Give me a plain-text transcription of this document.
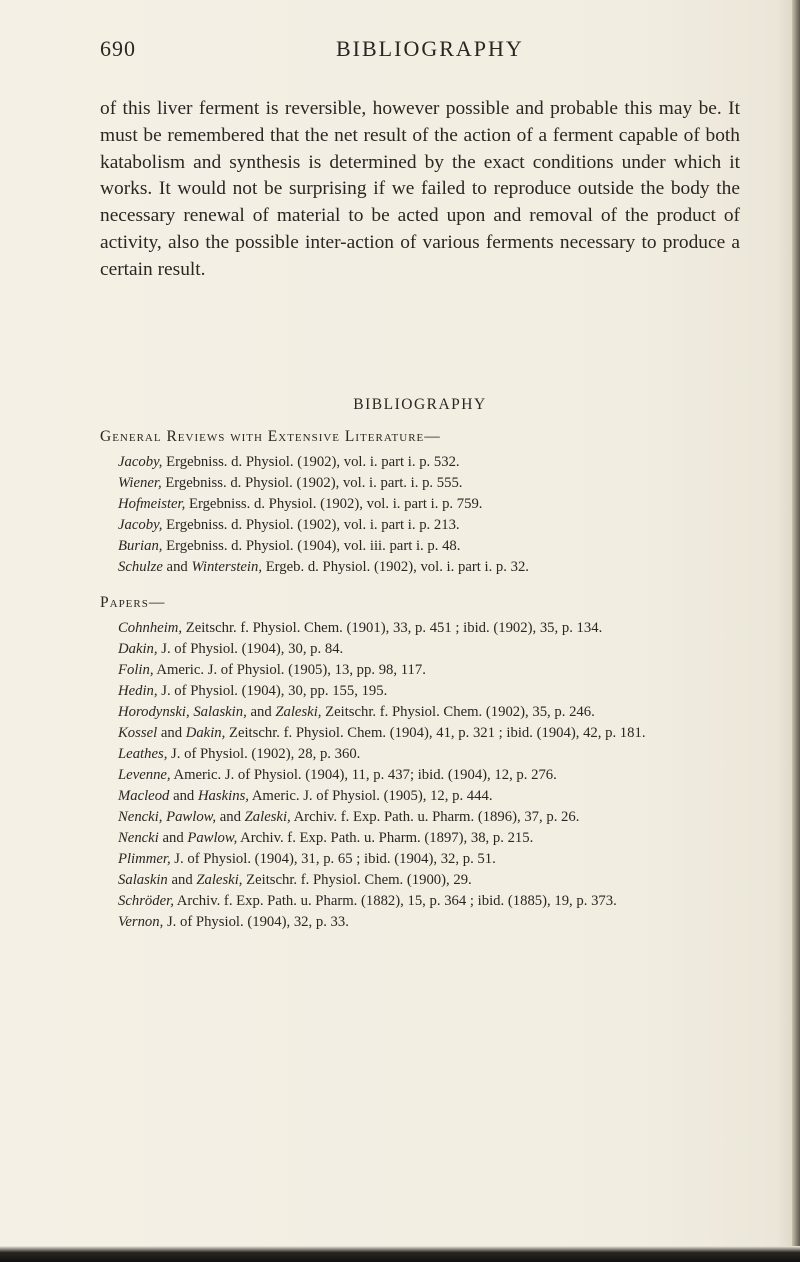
690	BIBLIOGRAPHY
of this liver ferment is reversible, however possible and probable this may be. It must be remembered that the net result of the action of a ferment capable of both katabolism and synthesis is determined by the exact conditions under which it works. It would not be surprising if we failed to reproduce outside the body the necessary renewal of material to be acted upon and removal of the product of activity, also the possible inter-action of various ferments necessary to produce a certain result.
BIBLIOGRAPHY
General Reviews with Extensive Literature—
Jacoby, Ergebniss. d. Physiol. (1902), vol. i. part i. p. 532.
Wiener, Ergebniss. d. Physiol. (1902), vol. i. part. i. p. 555.
Hofmeister, Ergebniss. d. Physiol. (1902), vol. i. part i. p. 759.
Jacoby, Ergebniss. d. Physiol. (1902), vol. i. part i. p. 213.
Burian, Ergebniss. d. Physiol. (1904), vol. iii. part i. p. 48.
Schulze and Winterstein, Ergeb. d. Physiol. (1902), vol. i. part i. p. 32.
Papers—
Cohnheim, Zeitschr. f. Physiol. Chem. (1901), 33, p. 451 ; ibid. (1902), 35, p. 134.
Dakin, J. of Physiol. (1904), 30, p. 84.
Folin, Americ. J. of Physiol. (1905), 13, pp. 98, 117.
Hedin, J. of Physiol. (1904), 30, pp. 155, 195.
Horodynski, Salaskin, and Zaleski, Zeitschr. f. Physiol. Chem. (1902), 35, p. 246.
Kossel and Dakin, Zeitschr. f. Physiol. Chem. (1904), 41, p. 321 ; ibid. (1904), 42, p. 181.
Leathes, J. of Physiol. (1902), 28, p. 360.
Levenne, Americ. J. of Physiol. (1904), 11, p. 437; ibid. (1904), 12, p. 276.
Macleod and Haskins, Americ. J. of Physiol. (1905), 12, p. 444.
Nencki, Pawlow, and Zaleski, Archiv. f. Exp. Path. u. Pharm. (1896), 37, p. 26.
Nencki and Pawlow, Archiv. f. Exp. Path. u. Pharm. (1897), 38, p. 215.
Plimmer, J. of Physiol. (1904), 31, p. 65 ; ibid. (1904), 32, p. 51.
Salaskin and Zaleski, Zeitschr. f. Physiol. Chem. (1900), 29.
Schröder, Archiv. f. Exp. Path. u. Pharm. (1882), 15, p. 364 ; ibid. (1885), 19, p. 373.
Vernon, J. of Physiol. (1904), 32, p. 33.
